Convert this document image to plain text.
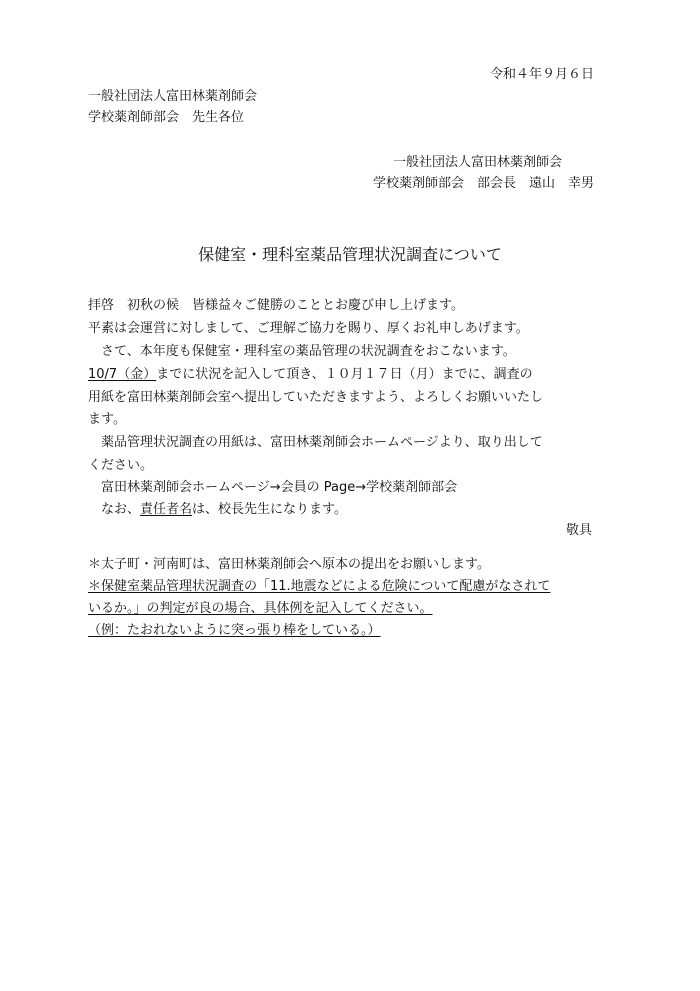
令和４年９月６日
一般社団法人富田林薬剤師会
学校薬剤師部会　先生各位
一般社団法人富田林薬剤師会
学校薬剤師部会　部会長　遠山　幸男
保健室・理科室薬品管理状況調査について
拝啓　初秋の候　皆様益々ご健勝のこととお慶び申し上げます。
平素は会運営に対しまして、ご理解ご協力を賜り、厚くお礼申しあげます。
さて、本年度も保健室・理科室の薬品管理の状況調査をおこないます。
10/7（金）までに状況を記入して頂き、１０月１７日（月）までに、調査の
用紙を富田林薬剤師会室へ提出していただきますよう、よろしくお願いいたし
ます。
薬品管理状況調査の用紙は、富田林薬剤師会ホームページより、取り出して
ください。
富田林薬剤師会ホームページ→会員の Page→学校薬剤師部会
なお、責任者名は、校長先生になります。
敬具
＊太子町・河南町は、富田林薬剤師会へ原本の提出をお願いします。
＊保健室薬品管理状況調査の「11.地震などによる危険について配慮がなされて
いるか。」の判定が良の場合、具体例を記入してください。
（例：たおれないように突っ張り棒をしている。）
